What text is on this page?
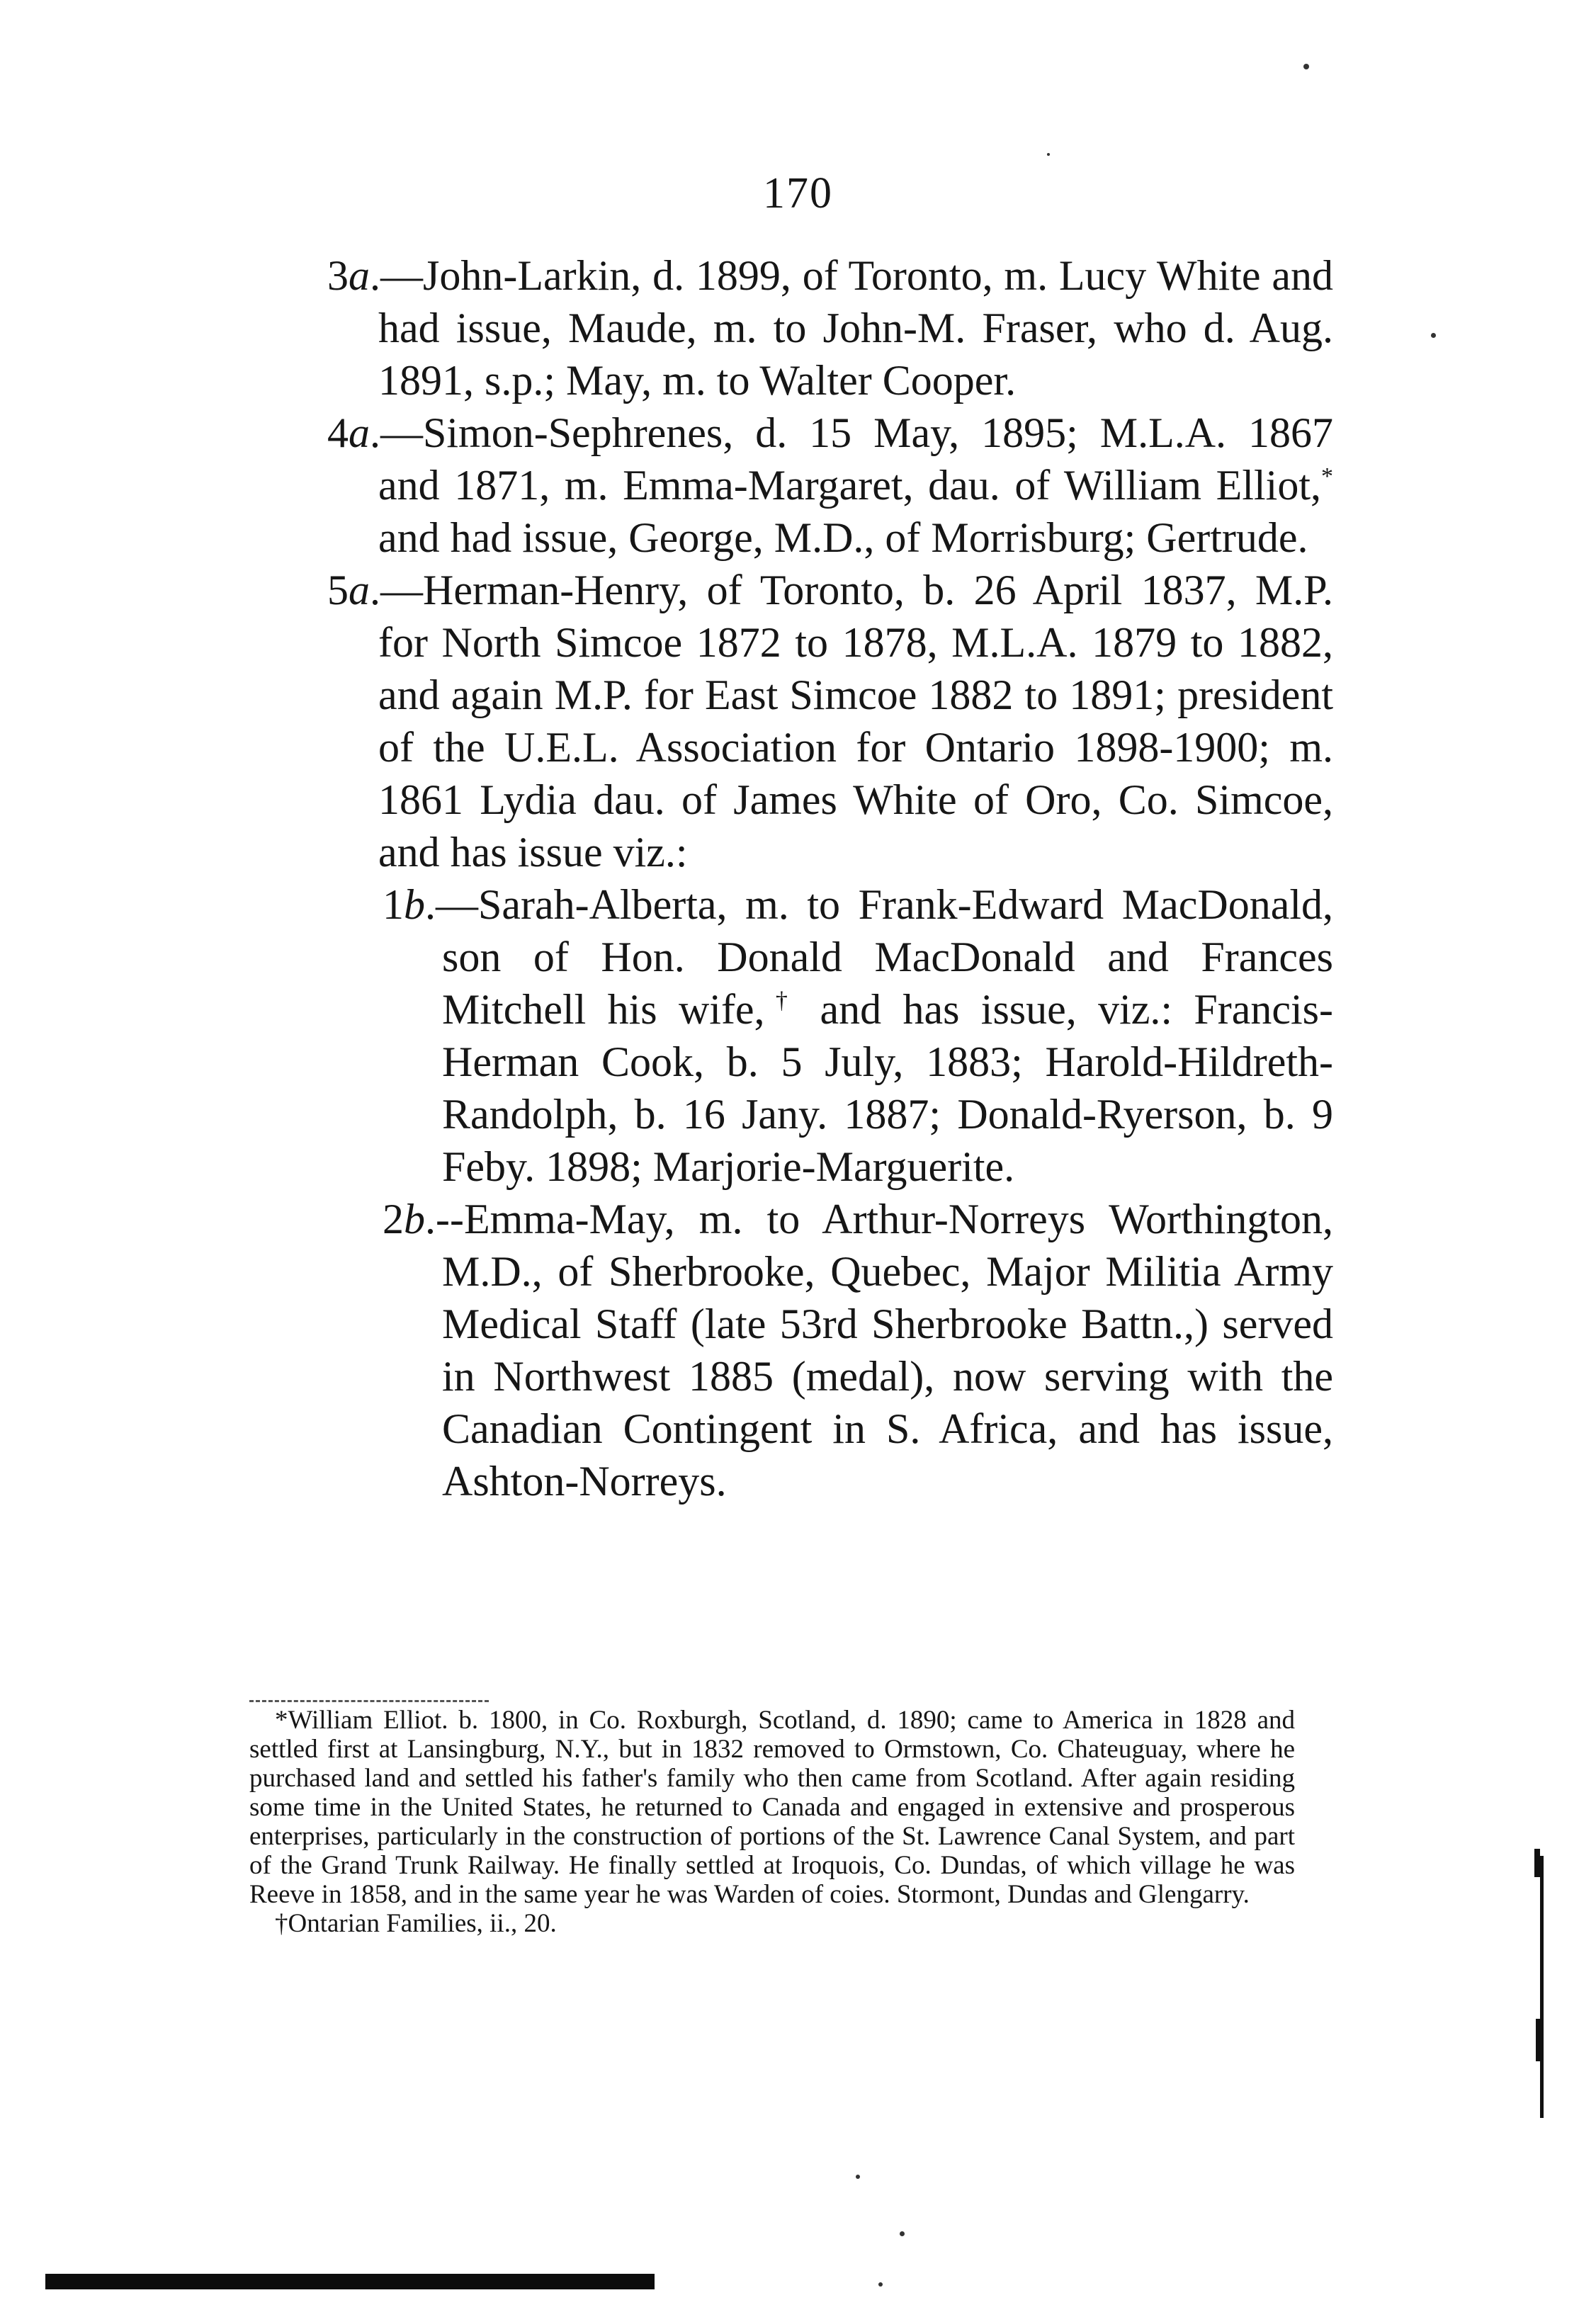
170

3a.—John-Larkin, d. 1899, of Toronto, m. Lucy White and had issue, Maude, m. to John-M. Fraser, who d. Aug. 1891, s.p.; May, m. to Walter Cooper.

4a.—Simon-Sephrenes, d. 15 May, 1895; M.L.A. 1867 and 1871, m. Emma-Margaret, dau. of William Elliot,* and had issue, George, M.D., of Morrisburg; Gertrude.

5a.—Herman-Henry, of Toronto, b. 26 April 1837, M.P. for North Simcoe 1872 to 1878, M.L.A. 1879 to 1882, and again M.P. for East Simcoe 1882 to 1891; president of the U.E.L. Association for Ontario 1898-1900; m. 1861 Lydia dau. of James White of Oro, Co. Simcoe, and has issue viz.:

1b.—Sarah-Alberta, m. to Frank-Edward MacDonald, son of Hon. Donald MacDonald and Frances Mitchell his wife,† and has issue, viz.: Francis-Herman Cook, b. 5 July, 1883; Harold-Hildreth-Randolph, b. 16 Jany. 1887; Donald-Ryerson, b. 9 Feby. 1898; Marjorie-Marguerite.

2b.--Emma-May, m. to Arthur-Norreys Worthington, M.D., of Sherbrooke, Quebec, Major Militia Army Medical Staff (late 53rd Sherbrooke Battn.,) served in Northwest 1885 (medal), now serving with the Canadian Contingent in S. Africa, and has issue, Ashton-Norreys.

*William Elliot. b. 1800, in Co. Roxburgh, Scotland, d. 1890; came to America in 1828 and settled first at Lansingburg, N.Y., but in 1832 removed to Ormstown, Co. Chateuguay, where he purchased land and settled his father's family who then came from Scotland. After again residing some time in the United States, he returned to Canada and engaged in extensive and prosperous enterprises, particularly in the construction of portions of the St. Lawrence Canal System, and part of the Grand Trunk Railway. He finally settled at Iroquois, Co. Dundas, of which village he was Reeve in 1858, and in the same year he was Warden of coies. Stormont, Dundas and Glengarry.

†Ontarian Families, ii., 20.
